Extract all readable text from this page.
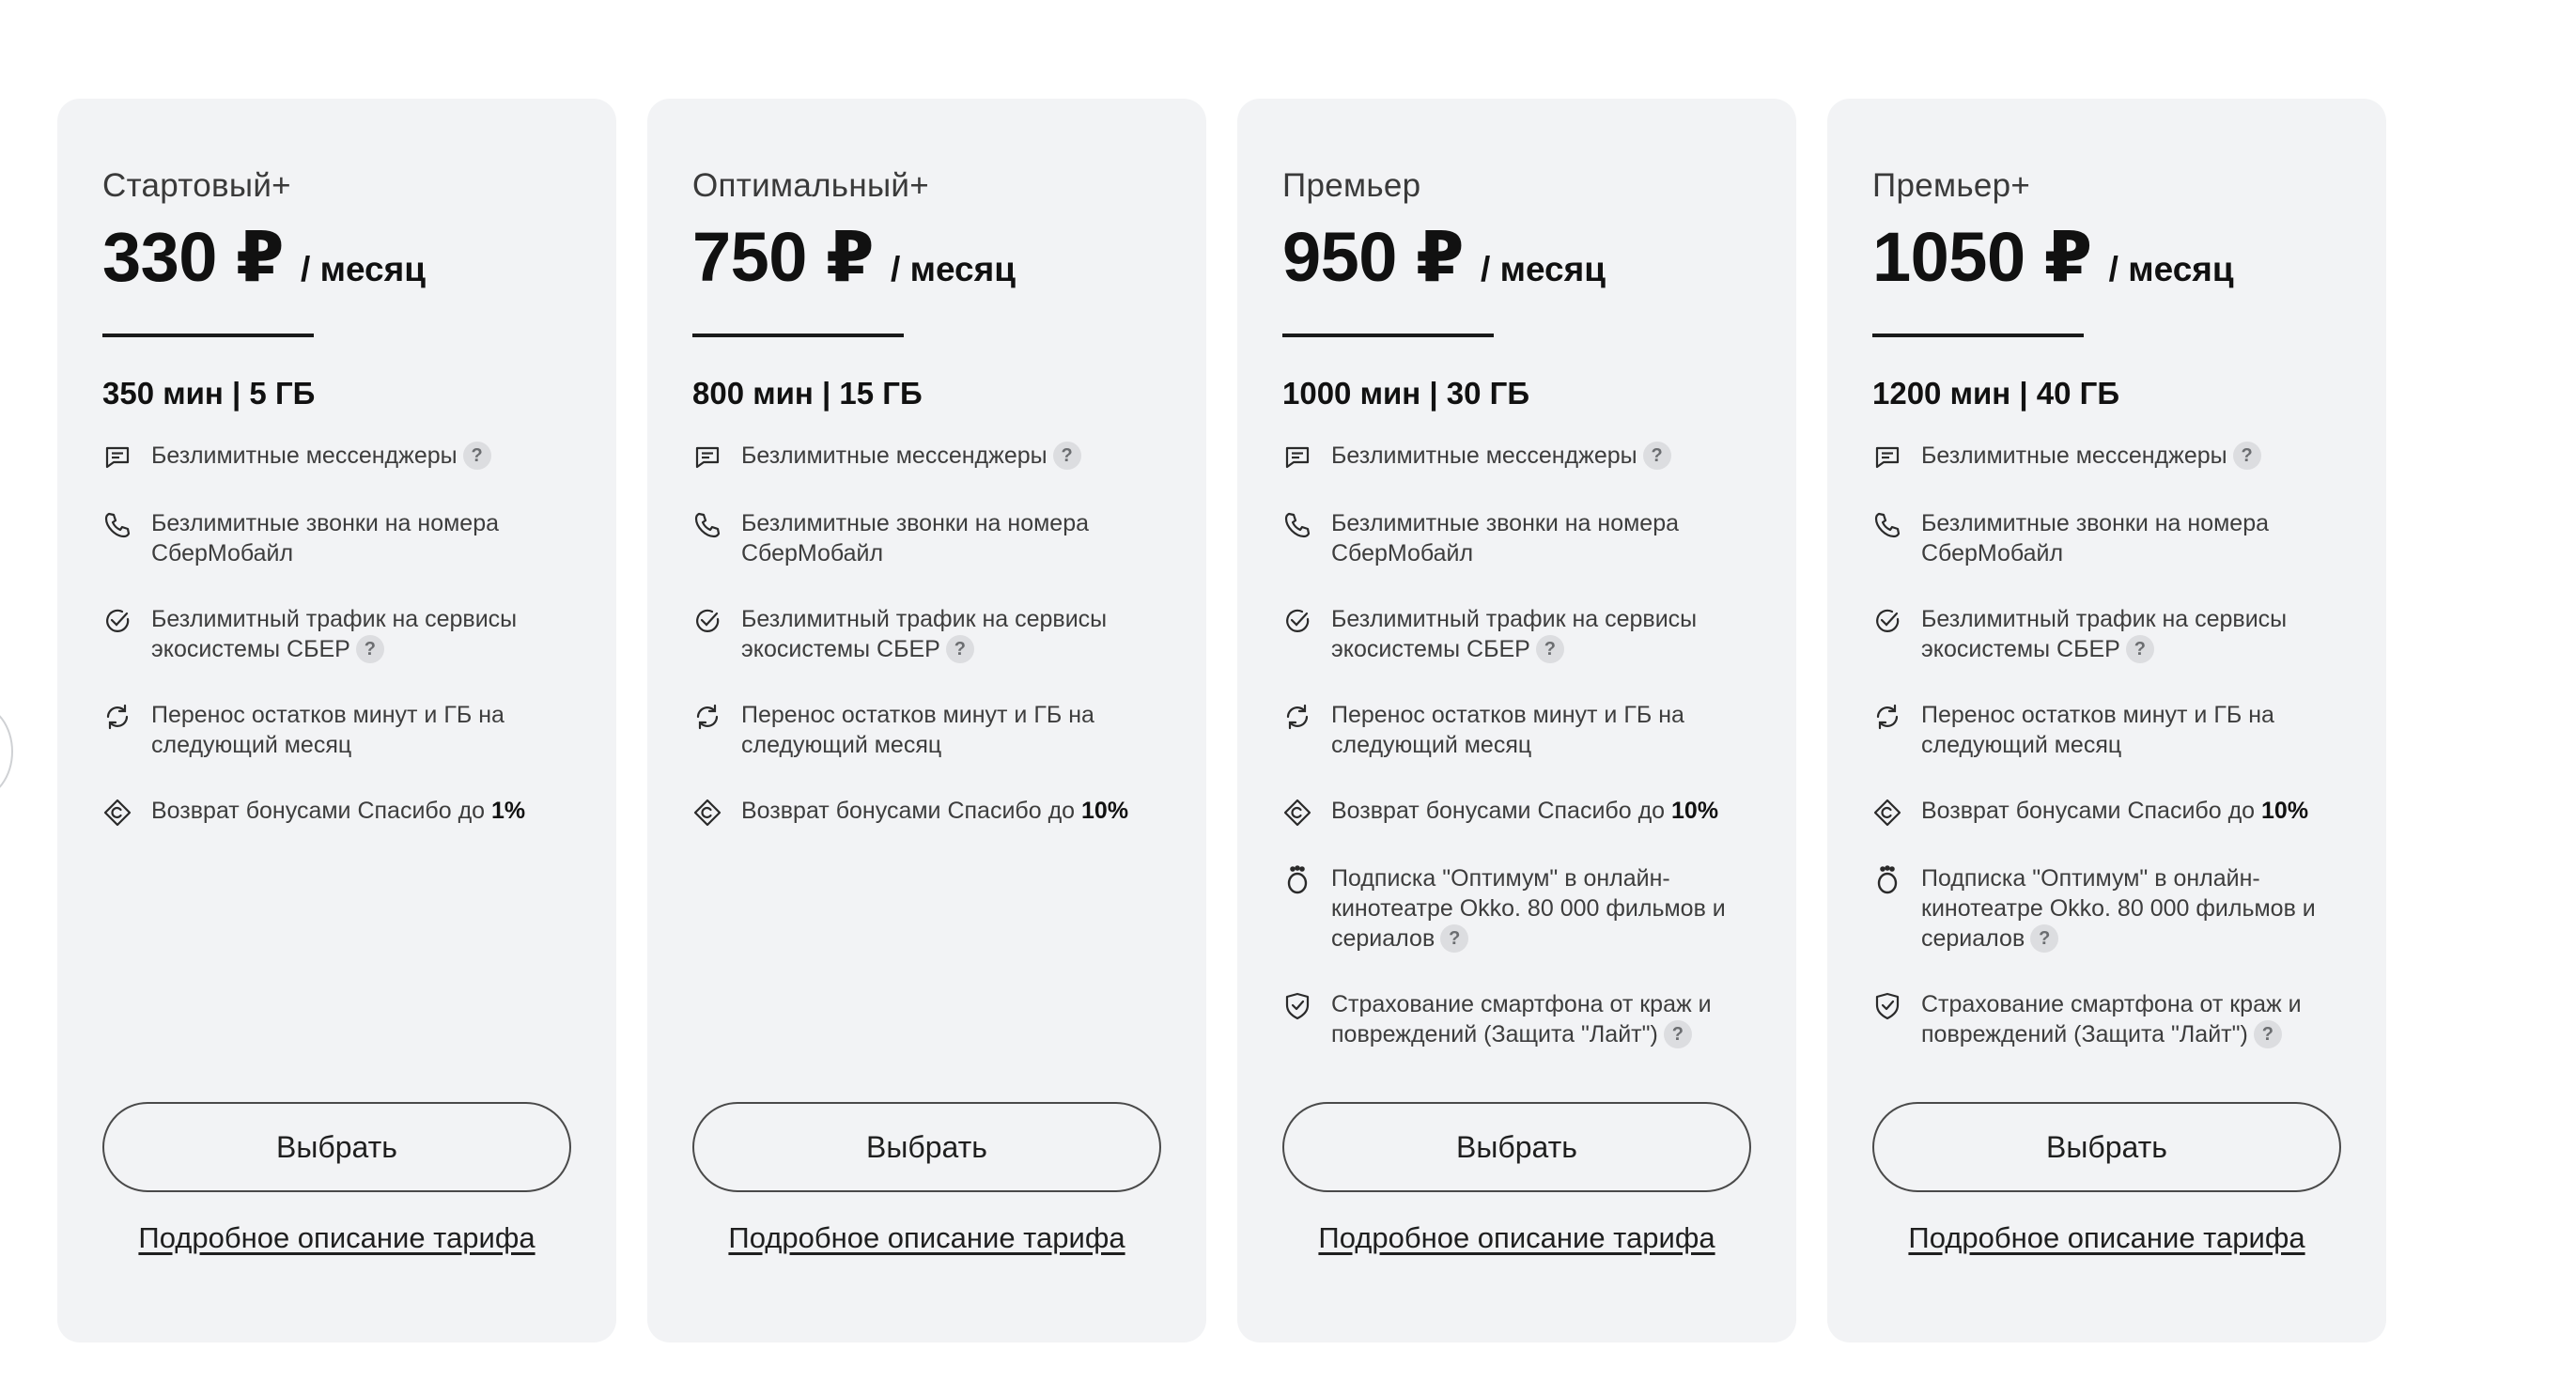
Стартовый+
330 ₽ / месяц
350 мин | 5 ГБ
Безлимитные мессенджеры ?
Безлимитные звонки на номера СберМобайл
Безлимитный трафик на сервисы экосистемы СБЕР ?
Перенос остатков минут и ГБ на следующий месяц
Возврат бонусами Спасибо до 1%
Выбрать
Подробное описание тарифа
Оптимальный+
750 ₽ / месяц
800 мин | 15 ГБ
Безлимитные мессенджеры ?
Безлимитные звонки на номера СберМобайл
Безлимитный трафик на сервисы экосистемы СБЕР ?
Перенос остатков минут и ГБ на следующий месяц
Возврат бонусами Спасибо до 10%
Выбрать
Подробное описание тарифа
Премьер
950 ₽ / месяц
1000 мин | 30 ГБ
Безлимитные мессенджеры ?
Безлимитные звонки на номера СберМобайл
Безлимитный трафик на сервисы экосистемы СБЕР ?
Перенос остатков минут и ГБ на следующий месяц
Возврат бонусами Спасибо до 10%
Подписка "Оптимум" в онлайн-кинотеатре Okko. 80 000 фильмов и сериалов ?
Страхование смартфона от краж и повреждений (Защита "Лайт") ?
Выбрать
Подробное описание тарифа
Премьер+
1050 ₽ / месяц
1200 мин | 40 ГБ
Безлимитные мессенджеры ?
Безлимитные звонки на номера СберМобайл
Безлимитный трафик на сервисы экосистемы СБЕР ?
Перенос остатков минут и ГБ на следующий месяц
Возврат бонусами Спасибо до 10%
Подписка "Оптимум" в онлайн-кинотеатре Okko. 80 000 фильмов и сериалов ?
Страхование смартфона от краж и повреждений (Защита "Лайт") ?
Выбрать
Подробное описание тарифа
